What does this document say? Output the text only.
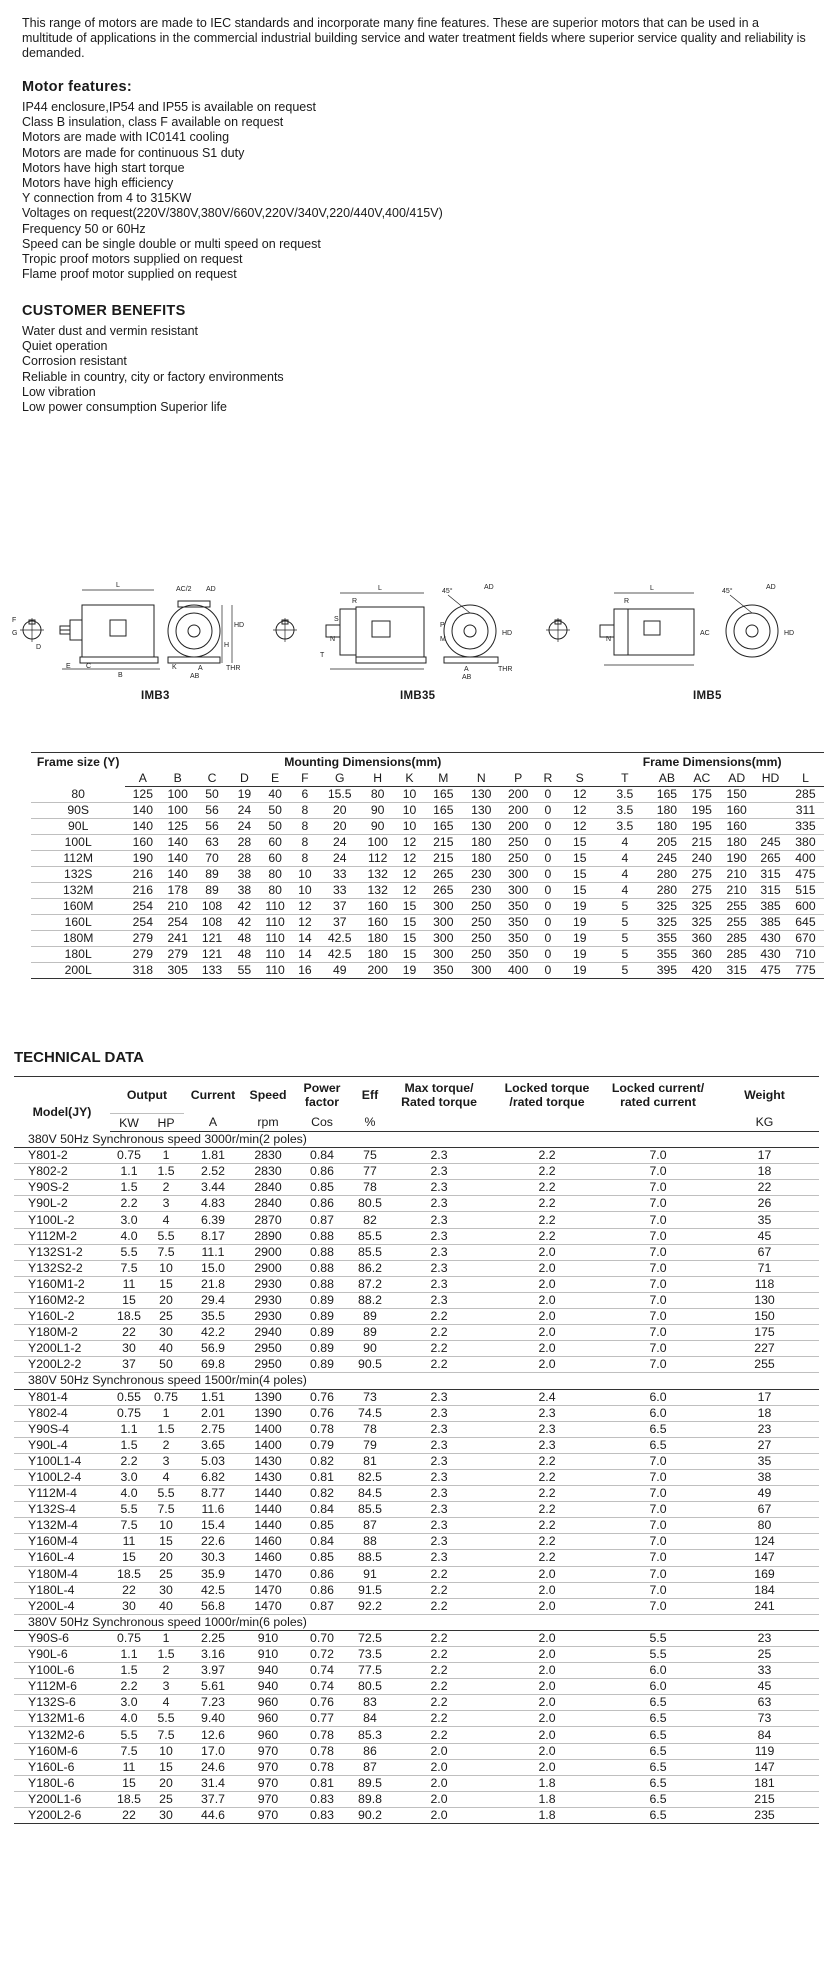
This range of motors are made to IEC standards and incorporate many fine features. These are superior motors that can be used in a multitude of applications in the commercial industrial building service and water treatment fields where superior service quality and reliability is demanded.

Motor features:
IP44 enclosure,IP54 and IP55 is available on request
Class B insulation, class F available on request
Motors are made with IC0141 cooling
Motors are made for continuous S1 duty
Motors have high start torque
Motors have high efficiency
Y connection from 4 to 315KW
Voltages on request(220V/380V,380V/660V,220V/340V,220/440V,400/415V)
Frequency 50 or 60Hz
Speed can be single double or multi speed on request
Tropic proof motors supplied on request
Flame proof motor supplied on request
CUSTOMER BENEFITS
Water dust and vermin resistant
Quiet operation
Corrosion resistant
Reliable in country, city or factory environments
Low vibration
Low power consumption Superior life
F
G
D
L
E C
B
AC/2 AD
HD
H
A
AB
THR
K
L
R
S
N
T
45°
AD
P
M
HD
A
AB
THR
L
R
N
AC
45°
AD
HD
IMB3	IMB35	IMB5
Frame size (Y)	Mounting Dimensions(mm)														Frame Dimensions(mm)					
	A	B	C	D	E	F	G	H	K	M	N	P	R	S	T	AB	AC	AD	HD	L
80	125	100	50	19	40	6	15.5	80	10	165	130	200	0	12	3.5	165	175	150		285
90S	140	100	56	24	50	8	20	90	10	165	130	200	0	12	3.5	180	195	160		311
90L	140	125	56	24	50	8	20	90	10	165	130	200	0	12	3.5	180	195	160		335
100L	160	140	63	28	60	8	24	100	12	215	180	250	0	15	4	205	215	180	245	380
112M	190	140	70	28	60	8	24	112	12	215	180	250	0	15	4	245	240	190	265	400
132S	216	140	89	38	80	10	33	132	12	265	230	300	0	15	4	280	275	210	315	475
132M	216	178	89	38	80	10	33	132	12	265	230	300	0	15	4	280	275	210	315	515
160M	254	210	108	42	110	12	37	160	15	300	250	350	0	19	5	325	325	255	385	600
160L	254	254	108	42	110	12	37	160	15	300	250	350	0	19	5	325	325	255	385	645
180M	279	241	121	48	110	14	42.5	180	15	300	250	350	0	19	5	355	360	285	430	670
180L	279	279	121	48	110	14	42.5	180	15	300	250	350	0	19	5	355	360	285	430	710
200L	318	305	133	55	110	16	49	200	19	350	300	400	0	19	5	395	420	315	475	775
TECHNICAL DATA
Model(JY)	Output		Current	Speed	Power factor	Eff	Max torque/ Rated torque	Locked torque /rated torque	Locked current/ rated current	Weight
	KW	HP	A	rpm	Cos	%				KG
380V 50Hz Synchronous speed 3000r/min(2 poles)										
Y801-2	0.75	1	1.81	2830	0.84	75	2.3	2.2	7.0	17
Y802-2	1.1	1.5	2.52	2830	0.86	77	2.3	2.2	7.0	18
Y90S-2	1.5	2	3.44	2840	0.85	78	2.3	2.2	7.0	22
Y90L-2	2.2	3	4.83	2840	0.86	80.5	2.3	2.2	7.0	26
Y100L-2	3.0	4	6.39	2870	0.87	82	2.3	2.2	7.0	35
Y112M-2	4.0	5.5	8.17	2890	0.88	85.5	2.3	2.2	7.0	45
Y132S1-2	5.5	7.5	11.1	2900	0.88	85.5	2.3	2.0	7.0	67
Y132S2-2	7.5	10	15.0	2900	0.88	86.2	2.3	2.0	7.0	71
Y160M1-2	11	15	21.8	2930	0.88	87.2	2.3	2.0	7.0	118
Y160M2-2	15	20	29.4	2930	0.89	88.2	2.3	2.0	7.0	130
Y160L-2	18.5	25	35.5	2930	0.89	89	2.2	2.0	7.0	150
Y180M-2	22	30	42.2	2940	0.89	89	2.2	2.0	7.0	175
Y200L1-2	30	40	56.9	2950	0.89	90	2.2	2.0	7.0	227
Y200L2-2	37	50	69.8	2950	0.89	90.5	2.2	2.0	7.0	255
380V 50Hz Synchronous speed 1500r/min(4 poles)										
Y801-4	0.55	0.75	1.51	1390	0.76	73	2.3	2.4	6.0	17
Y802-4	0.75	1	2.01	1390	0.76	74.5	2.3	2.3	6.0	18
Y90S-4	1.1	1.5	2.75	1400	0.78	78	2.3	2.3	6.5	23
Y90L-4	1.5	2	3.65	1400	0.79	79	2.3	2.3	6.5	27
Y100L1-4	2.2	3	5.03	1430	0.82	81	2.3	2.2	7.0	35
Y100L2-4	3.0	4	6.82	1430	0.81	82.5	2.3	2.2	7.0	38
Y112M-4	4.0	5.5	8.77	1440	0.82	84.5	2.3	2.2	7.0	49
Y132S-4	5.5	7.5	11.6	1440	0.84	85.5	2.3	2.2	7.0	67
Y132M-4	7.5	10	15.4	1440	0.85	87	2.3	2.2	7.0	80
Y160M-4	11	15	22.6	1460	0.84	88	2.3	2.2	7.0	124
Y160L-4	15	20	30.3	1460	0.85	88.5	2.3	2.2	7.0	147
Y180M-4	18.5	25	35.9	1470	0.86	91	2.2	2.0	7.0	169
Y180L-4	22	30	42.5	1470	0.86	91.5	2.2	2.0	7.0	184
Y200L-4	30	40	56.8	1470	0.87	92.2	2.2	2.0	7.0	241
380V 50Hz Synchronous speed 1000r/min(6 poles)										
Y90S-6	0.75	1	2.25	910	0.70	72.5	2.2	2.0	5.5	23
Y90L-6	1.1	1.5	3.16	910	0.72	73.5	2.2	2.0	5.5	25
Y100L-6	1.5	2	3.97	940	0.74	77.5	2.2	2.0	6.0	33
Y112M-6	2.2	3	5.61	940	0.74	80.5	2.2	2.0	6.0	45
Y132S-6	3.0	4	7.23	960	0.76	83	2.2	2.0	6.5	63
Y132M1-6	4.0	5.5	9.40	960	0.77	84	2.2	2.0	6.5	73
Y132M2-6	5.5	7.5	12.6	960	0.78	85.3	2.2	2.0	6.5	84
Y160M-6	7.5	10	17.0	970	0.78	86	2.0	2.0	6.5	119
Y160L-6	11	15	24.6	970	0.78	87	2.0	2.0	6.5	147
Y180L-6	15	20	31.4	970	0.81	89.5	2.0	1.8	6.5	181
Y200L1-6	18.5	25	37.7	970	0.83	89.8	2.0	1.8	6.5	215
Y200L2-6	22	30	44.6	970	0.83	90.2	2.0	1.8	6.5	235
